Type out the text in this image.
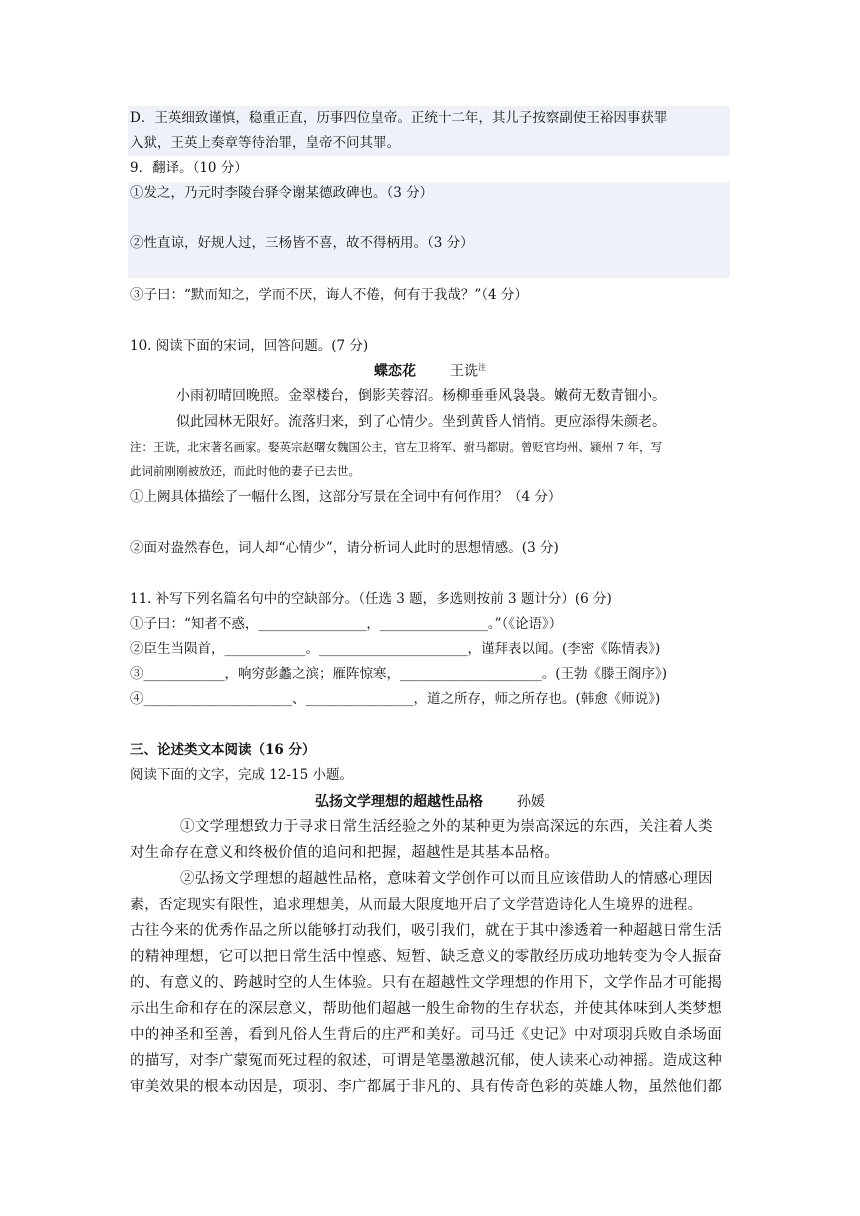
D．王英细致谨慎，稳重正直，历事四位皇帝。正统十二年，其儿子按察副使王裕因事获罪
入狱，王英上奏章等待治罪，皇帝不问其罪。
9．翻译。（10 分）
①发之，乃元时李陵台驿令谢某德政碑也。（3 分）
②性直谅，好规人过，三杨皆不喜，故不得柄用。（3 分）
③子曰：“默而知之，学而不厌，诲人不倦，何有于我哉？”（4 分）
10. 阅读下面的宋词，回答问题。(7 分)
蝶恋花 王诜$^注$
小雨初晴回晚照。金翠楼台，倒影芙蓉沼。杨柳垂垂风袅袅。嫩荷无数青钿小。
似此园林无限好。流落归来，到了心情少。坐到黄昏人悄悄。更应添得朱颜老。
注：王诜，北宋著名画家。娶英宗赵曙女魏国公主，官左卫将军、驸马都尉。曾贬官均州、颍州 7 年，写
此词前刚刚被放还，而此时他的妻子已去世。
①上阙具体描绘了一幅什么图，这部分写景在全词中有何作用？（4 分）
②面对盎然春色，词人却“心情少”，请分析词人此时的思想情感。(3 分)
11. 补写下列名篇名句中的空缺部分。（任选 3 题，多选则按前 3 题计分）(6 分)
①子曰：“知者不惑，________________，________________。”（《论语》）
②臣生当陨首，____________。______________________，谨拜表以闻。(李密《陈情表》)
③____________，响穷彭蠡之滨；雁阵惊寒，_____________________。(王勃《滕王阁序》)
④______________________、________________，道之所存，师之所存也。(韩愈《师说》)
三、论述类文本阅读（16 分）
阅读下面的文字，完成 12-15 小题。
弘扬文学理想的超越性品格 孙媛
①文学理想致力于寻求日常生活经验之外的某种更为崇高深远的东西，关注着人类
对生命存在意义和终极价值的追问和把握，超越性是其基本品格。
②弘扬文学理想的超越性品格，意味着文学创作可以而且应该借助人的情感心理因
素，否定现实有限性，追求理想美，从而最大限度地开启了文学营造诗化人生境界的进程。
古往今来的优秀作品之所以能够打动我们，吸引我们，就在于其中渗透着一种超越日常生活
的精神理想，它可以把日常生活中惶惑、短暂、缺乏意义的零散经历成功地转变为令人振奋
的、有意义的、跨越时空的人生体验。只有在超越性文学理想的作用下，文学作品才可能揭
示出生命和存在的深层意义，帮助他们超越一般生命物的生存状态，并使其体味到人类梦想
中的神圣和至善，看到凡俗人生背后的庄严和美好。司马迁《史记》中对项羽兵败自杀场面
的描写，对李广蒙冤而死过程的叙述，可谓是笔墨激越沉郁，使人读来心动神摇。造成这种
审美效果的根本动因是，项羽、李广都属于非凡的、具有传奇色彩的英雄人物，虽然他们都
